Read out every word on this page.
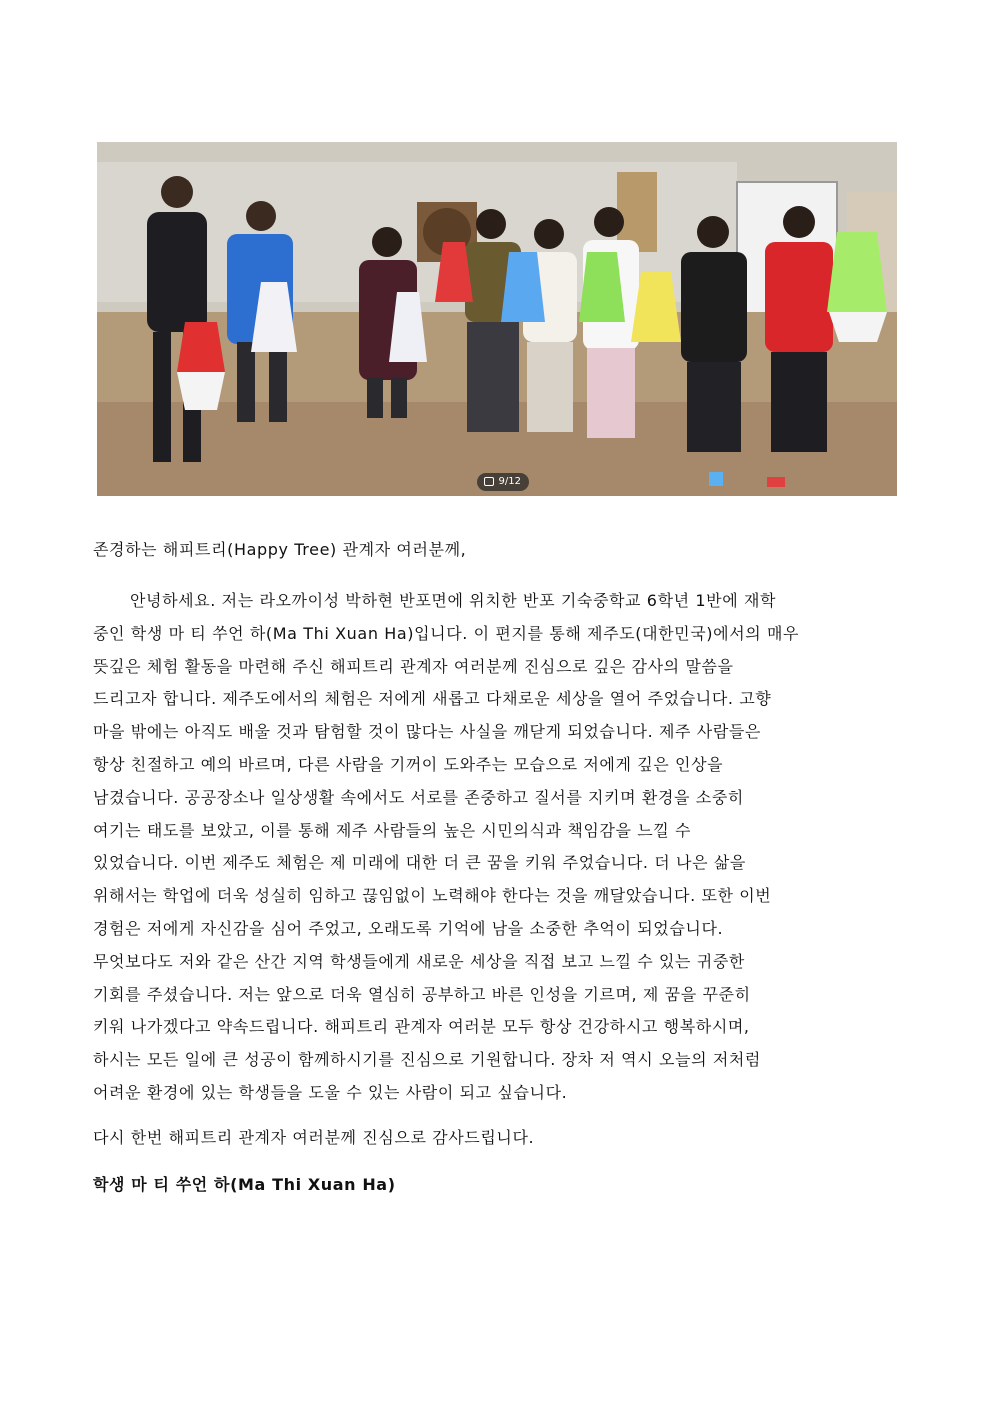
9/12
존경하는 해피트리(Happy Tree) 관계자 여러분께,
안녕하세요. 저는 라오까이성 박하현 반포면에 위치한 반포 기숙중학교 6학년 1반에 재학
중인 학생 마 티 쑤언 하(Ma Thi Xuan Ha)입니다. 이 편지를 통해 제주도(대한민국)에서의 매우
뜻깊은 체험 활동을 마련해 주신 해피트리 관계자 여러분께 진심으로 깊은 감사의 말씀을
드리고자 합니다. 제주도에서의 체험은 저에게 새롭고 다채로운 세상을 열어 주었습니다. 고향
마을 밖에는 아직도 배울 것과 탐험할 것이 많다는 사실을 깨닫게 되었습니다. 제주 사람들은
항상 친절하고 예의 바르며, 다른 사람을 기꺼이 도와주는 모습으로 저에게 깊은 인상을
남겼습니다. 공공장소나 일상생활 속에서도 서로를 존중하고 질서를 지키며 환경을 소중히
여기는 태도를 보았고, 이를 통해 제주 사람들의 높은 시민의식과 책임감을 느낄 수
있었습니다. 이번 제주도 체험은 제 미래에 대한 더 큰 꿈을 키워 주었습니다. 더 나은 삶을
위해서는 학업에 더욱 성실히 임하고 끊임없이 노력해야 한다는 것을 깨달았습니다. 또한 이번
경험은 저에게 자신감을 심어 주었고, 오래도록 기억에 남을 소중한 추억이 되었습니다.
무엇보다도 저와 같은 산간 지역 학생들에게 새로운 세상을 직접 보고 느낄 수 있는 귀중한
기회를 주셨습니다. 저는 앞으로 더욱 열심히 공부하고 바른 인성을 기르며, 제 꿈을 꾸준히
키워 나가겠다고 약속드립니다. 해피트리 관계자 여러분 모두 항상 건강하시고 행복하시며,
하시는 모든 일에 큰 성공이 함께하시기를 진심으로 기원합니다. 장차 저 역시 오늘의 저처럼
어려운 환경에 있는 학생들을 도울 수 있는 사람이 되고 싶습니다.
다시 한번 해피트리 관계자 여러분께 진심으로 감사드립니다.
학생 마 티 쑤언 하(Ma Thi Xuan Ha)
